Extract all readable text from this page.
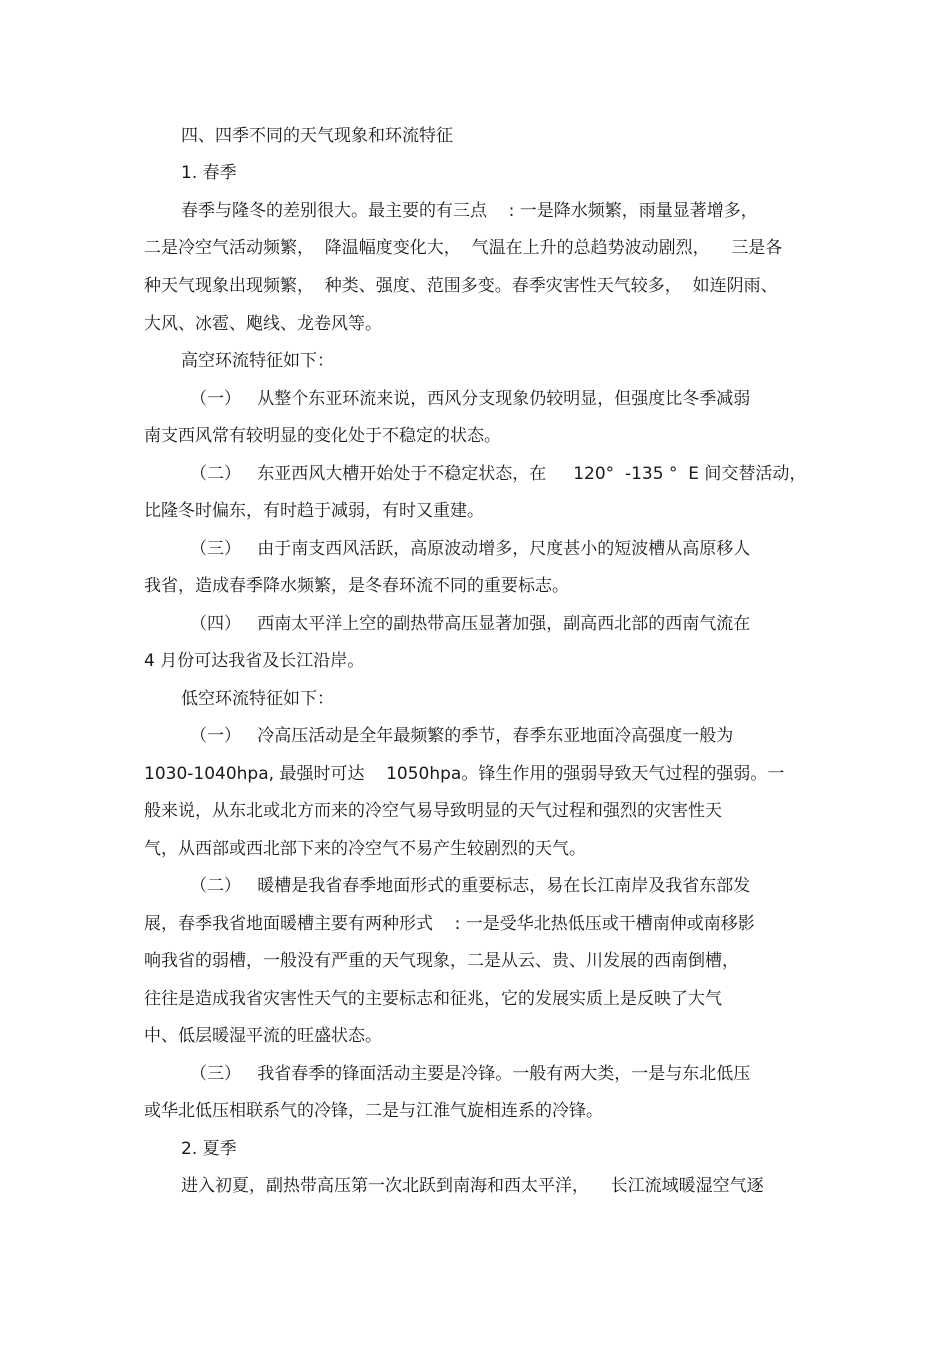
四、四季不同的天气现象和环流特征
1. 春季
春季与隆冬的差别很大。最主要的有三点    : 一是降水频繁，雨量显著增多，
二是冷空气活动频繁，  降温幅度变化大，  气温在上升的总趋势波动剧烈，    三是各
种天气现象出现频繁，  种类、强度、范围多变。春季灾害性天气较多，  如连阴雨、
大风、冰雹、飑线、龙卷风等。
高空环流特征如下：
（一）   从整个东亚环流来说，西风分支现象仍较明显，但强度比冬季减弱
南支西风常有较明显的变化处于不稳定的状态。
（二）   东亚西风大槽开始处于不稳定状态，在     120°  -135 °  E 间交替活动，
比隆冬时偏东，有时趋于减弱，有时又重建。
（三）   由于南支西风活跃，高原波动增多，尺度甚小的短波槽从高原移人
我省，造成春季降水频繁，是冬春环流不同的重要标志。
（四）   西南太平洋上空的副热带高压显著加强，副高西北部的西南气流在
4 月份可达我省及长江沿岸。
低空环流特征如下：
（一）   冷高压活动是全年最频繁的季节，春季东亚地面冷高强度一般为
1030-1040hpa, 最强时可达    1050hpa。锋生作用的强弱导致天气过程的强弱。一
般来说，从东北或北方而来的冷空气易导致明显的天气过程和强烈的灾害性天
气，从西部或西北部下来的冷空气不易产生较剧烈的天气。
（二）   暖槽是我省春季地面形式的重要标志，易在长江南岸及我省东部发
展，春季我省地面暖槽主要有两种形式    : 一是受华北热低压或干槽南伸或南移影
响我省的弱槽，一般没有严重的天气现象，二是从云、贵、川发展的西南倒槽，
往往是造成我省灾害性天气的主要标志和征兆，它的发展实质上是反映了大气
中、低层暖湿平流的旺盛状态。
（三）   我省春季的锋面活动主要是冷锋。一般有两大类，一是与东北低压
或华北低压相联系气的冷锋，二是与江淮气旋相连系的冷锋。
2. 夏季
进入初夏，副热带高压第一次北跃到南海和西太平洋，    长江流域暖湿空气逐
